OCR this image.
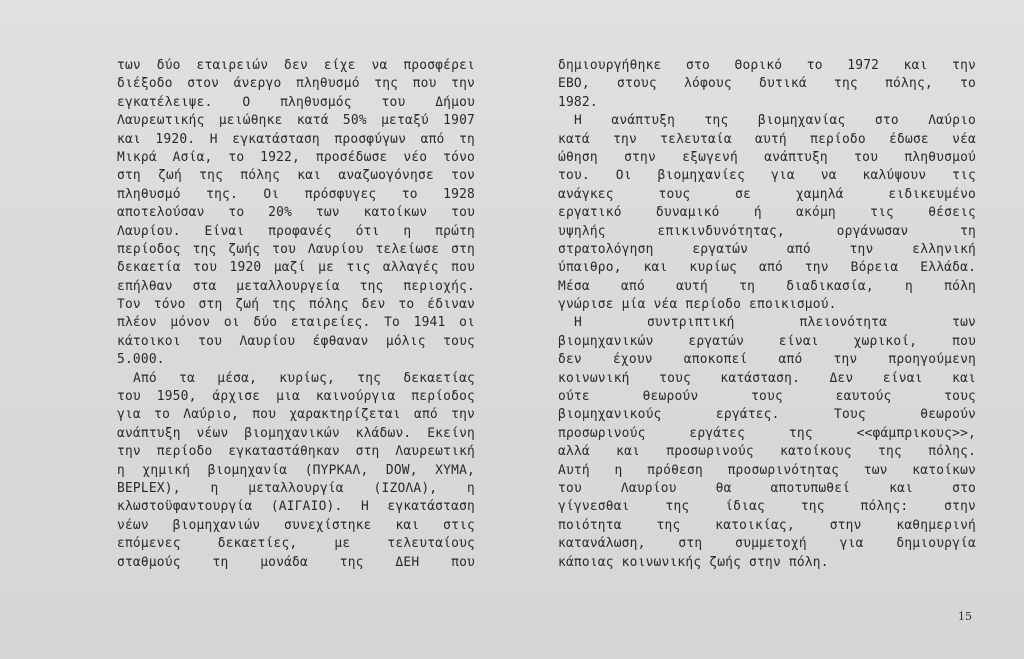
των δύο εταιρειών δεν είχε να προσφέρει
διέξοδο στον άνεργο πληθυσμό της που την
εγκατέλειψε. Ο πληθυσμός του Δήμου
Λαυρεωτικής μειώθηκε κατά 50% μεταξύ 1907
και 1920. Η εγκατάσταση προσφύγων από τη
Μικρά Ασία, το 1922, προσέδωσε νέο τόνο
στη ζωή της πόλης και αναζωογόνησε τον
πληθυσμό της. Οι πρόσφυγες το 1928
αποτελούσαν το 20% των κατοίκων του
Λαυρίου. Είναι προφανές ότι η πρώτη
περίοδος της ζωής του Λαυρίου τελείωσε στη
δεκαετία του 1920 μαζί με τις αλλαγές που
επήλθαν στα μεταλλουργεία της περιοχής.
Τον τόνο στη ζωή της πόλης δεν το έδιναν
πλέον μόνον οι δύο εταιρείες. Το 1941 οι
κάτοικοι του Λαυρίου έφθαναν μόλις τους
5.000.
Από τα μέσα, κυρίως, της δεκαετίας
του 1950, άρχισε μια καινούργια περίοδος
για το Λαύριο, που χαρακτηρίζεται από την
ανάπτυξη νέων βιομηχανικών κλάδων. Εκείνη
την περίοδο εγκαταστάθηκαν στη Λαυρεωτική
η χημική βιομηχανία (ΠΥΡΚΑΛ, DOW, ΧΥΜΑ,
BEPLEX), η μεταλλουργία (ΙΖΟΛΑ), η
κλωστοϋφαντουργία (ΑΙΓΑΙΟ). Η εγκατάσταση
νέων βιομηχανιών συνεχίστηκε και στις
επόμενες δεκαετίες, με τελευταίους
σταθμούς τη μονάδα της ΔΕΗ που
δημιουργήθηκε στο Θορικό το 1972 και την
ΕΒΟ, στους λόφους δυτικά της πόλης, το
1982.
Η ανάπτυξη της βιομηχανίας στο Λαύριο
κατά την τελευταία αυτή περίοδο έδωσε νέα
ώθηση στην εξωγενή ανάπτυξη του πληθυσμού
του. Οι βιομηχανίες για να καλύψουν τις
ανάγκες τους σε χαμηλά ειδικευμένο
εργατικό δυναμικό ή ακόμη τις θέσεις
υψηλής επικινδυνότητας, οργάνωσαν τη
στρατολόγηση εργατών από την ελληνική
ύπαιθρο, και κυρίως από την Βόρεια Ελλάδα.
Μέσα από αυτή τη διαδικασία, η πόλη
γνώρισε μία νέα περίοδο εποικισμού.
Η συντριπτική πλειονότητα των
βιομηχανικών εργατών είναι χωρικοί, που
δεν έχουν αποκοπεί από την προηγούμενη
κοινωνική τους κατάσταση. Δεν είναι και
ούτε θεωρούν τους εαυτούς τους
βιομηχανικούς εργάτες. Τους θεωρούν
προσωρινούς εργάτες της <<φάμπρικους>>,
αλλά και προσωρινούς κατοίκους της πόλης.
Αυτή η πρόθεση προσωρινότητας των κατοίκων
του Λαυρίου θα αποτυπωθεί και στο
γίγνεσθαι της ίδιας της πόλης: στην
ποιότητα της κατοικίας, στην καθημερινή
κατανάλωση, στη συμμετοχή για δημιουργία
κάποιας κοινωνικής ζωής στην πόλη.
15
